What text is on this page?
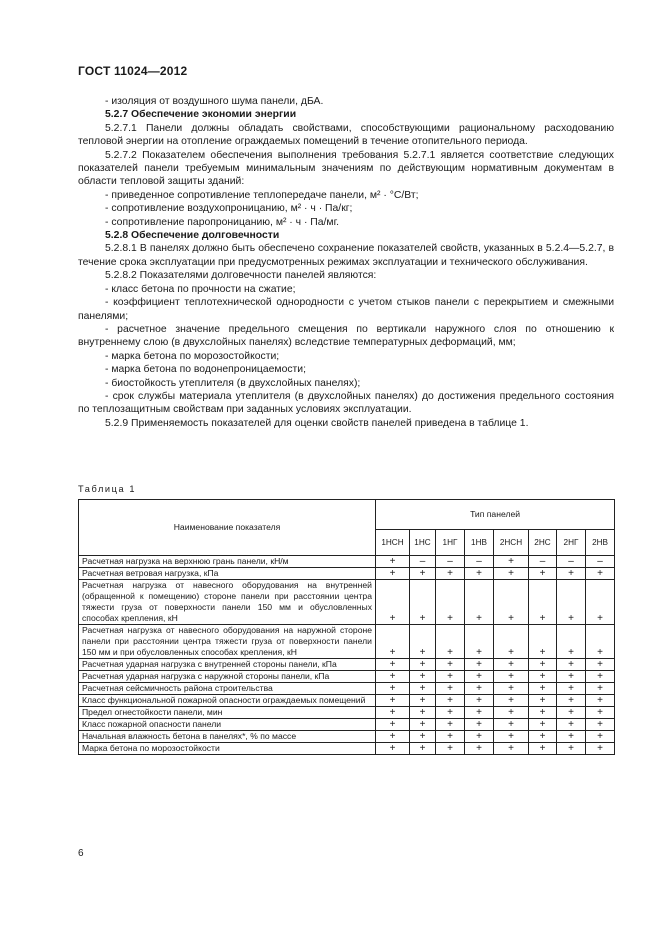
ГОСТ 11024—2012

- изоляция от воздушного шума панели, дБА.

5.2.7 Обеспечение экономии энергии

5.2.7.1 Панели должны обладать свойствами, способствующими рациональному расходованию тепловой энергии на отопление ограждаемых помещений в течение отопительного периода.

5.2.7.2 Показателем обеспечения выполнения требования 5.2.7.1 является соответствие следующих показателей панели требуемым минимальным значениям по действующим нормативным документам в области тепловой защиты зданий:

- приведенное сопротивление теплопередаче панели, м² · °С/Вт;

- сопротивление воздухопроницанию, м² · ч · Па/кг;

- сопротивление паропроницанию, м² · ч · Па/мг.

5.2.8 Обеспечение долговечности

5.2.8.1 В панелях должно быть обеспечено сохранение показателей свойств, указанных в 5.2.4—5.2.7, в течение срока эксплуатации при предусмотренных режимах эксплуатации и технического обслуживания.

5.2.8.2 Показателями долговечности панелей являются:

- класс бетона по прочности на сжатие;

- коэффициент теплотехнической однородности с учетом стыков панели с перекрытием и смежными панелями;

- расчетное значение предельного смещения по вертикали наружного слоя по отношению к внутреннему слою (в двухслойных панелях) вследствие температурных деформаций, мм;

- марка бетона по морозостойкости;

- марка бетона по водонепроницаемости;

- биостойкость утеплителя (в двухслойных панелях);

- срок службы материала утеплителя (в двухслойных панелях) до достижения предельного состояния по теплозащитным свойствам при заданных условиях эксплуатации.

5.2.9 Применяемость показателей для оценки свойств панелей приведена в таблице 1.

Таблица 1
Наименование показателя	Тип панелей							
	1НСН	1НС	1НГ	1НВ	2НСН	2НС	2НГ	2НВ
Расчетная нагрузка на верхнюю грань панели, кН/м	+	–	–	–	+	–	–	–
Расчетная ветровая нагрузка, кПа	+	+	+	+	+	+	+	+
Расчетная нагрузка от навесного оборудования на внутренней (обращенной к помещению) стороне панели при расстоянии центра тяжести груза от поверхности панели 150 мм и обусловленных способах крепления, кН	+	+	+	+	+	+	+	+
Расчетная нагрузка от навесного оборудования на наружной стороне панели при расстоянии центра тяжести груза от поверхности панели 150 мм и при обусловленных способах крепления, кН	+	+	+	+	+	+	+	+
Расчетная ударная нагрузка с внутренней стороны панели, кПа	+	+	+	+	+	+	+	+
Расчетная ударная нагрузка с наружной стороны панели, кПа	+	+	+	+	+	+	+	+
Расчетная сейсмичность района строительства	+	+	+	+	+	+	+	+
Класс функциональной пожарной опасности ограждаемых помещений	+	+	+	+	+	+	+	+
Предел огнестойкости панели, мин	+	+	+	+	+	+	+	+
Класс пожарной опасности панели	+	+	+	+	+	+	+	+
Начальная влажность бетона в панелях*, % по массе	+	+	+	+	+	+	+	+
Марка бетона по морозостойкости	+	+	+	+	+	+	+	+
6
